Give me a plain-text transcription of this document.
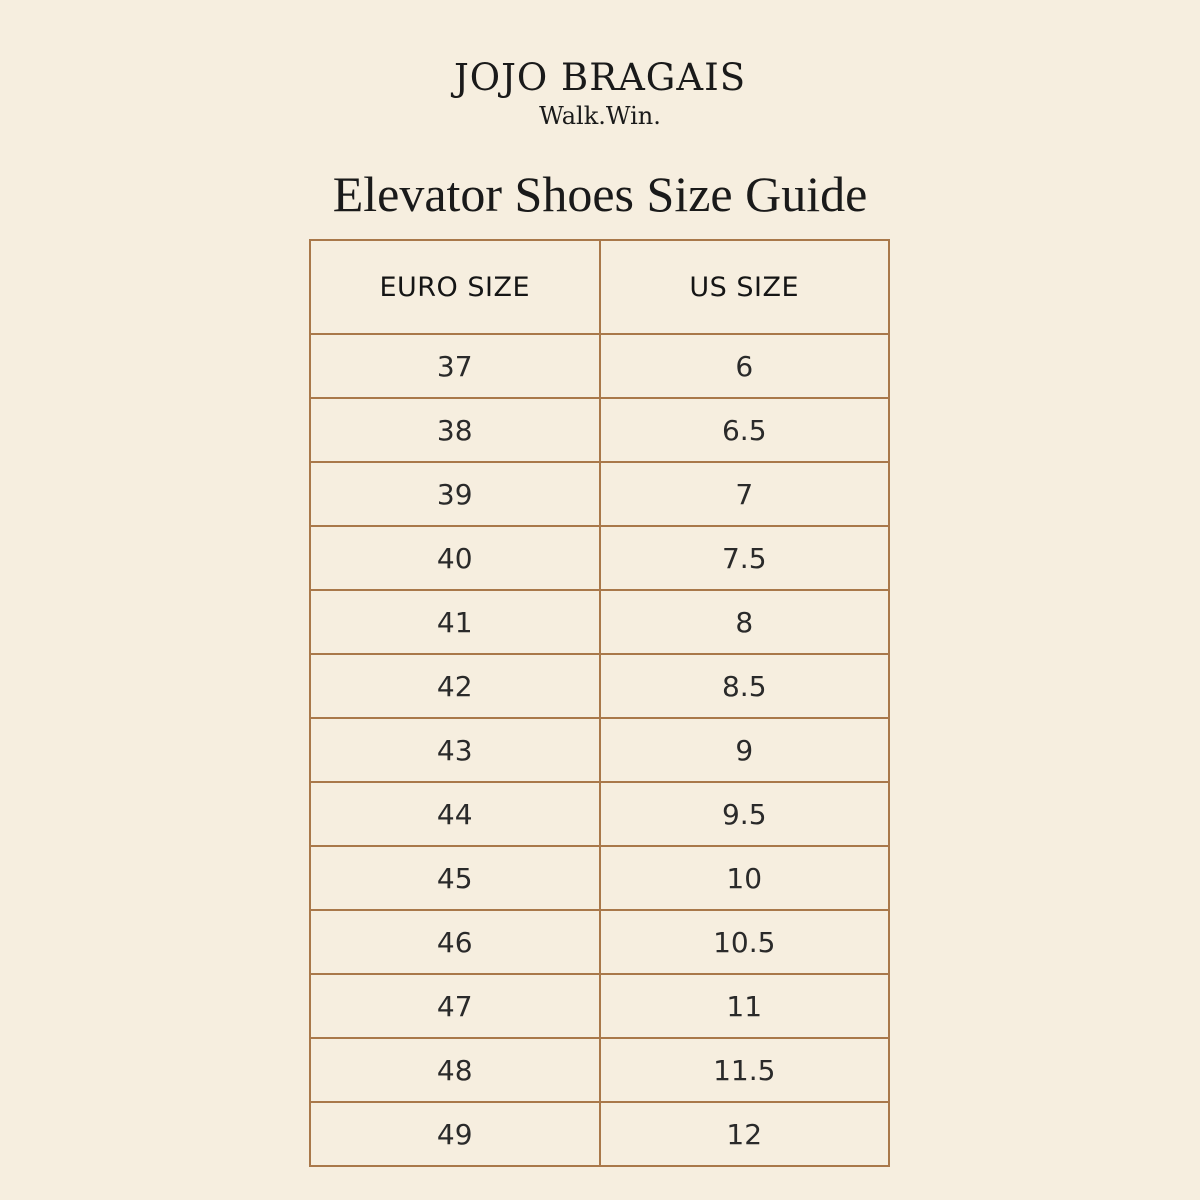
JOJO BRAGAIS
Walk.Win.
Elevator Shoes Size Guide
EURO SIZE	US SIZE
37	6
38	6.5
39	7
40	7.5
41	8
42	8.5
43	9
44	9.5
45	10
46	10.5
47	11
48	11.5
49	12
